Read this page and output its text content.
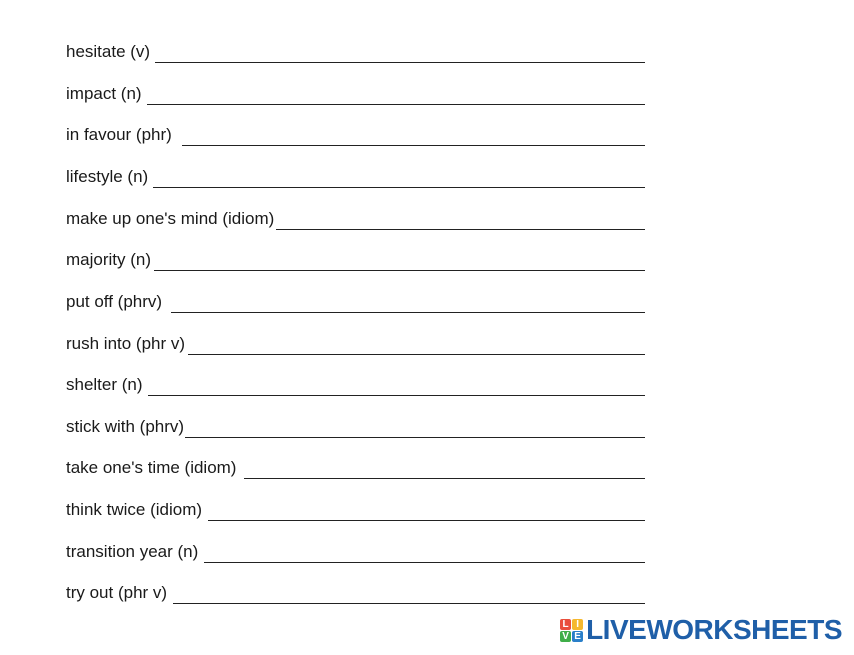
hesitate (v)
impact (n)
in favour (phr)
lifestyle (n)
make up one's mind (idiom)
majority (n)
put off (phrv)
rush into (phr v)
shelter (n)
stick with (phrv)
take one's time (idiom)
think twice (idiom)
transition year (n)
try out (phr v)
L I
V E LIVEWORKSHEETS
